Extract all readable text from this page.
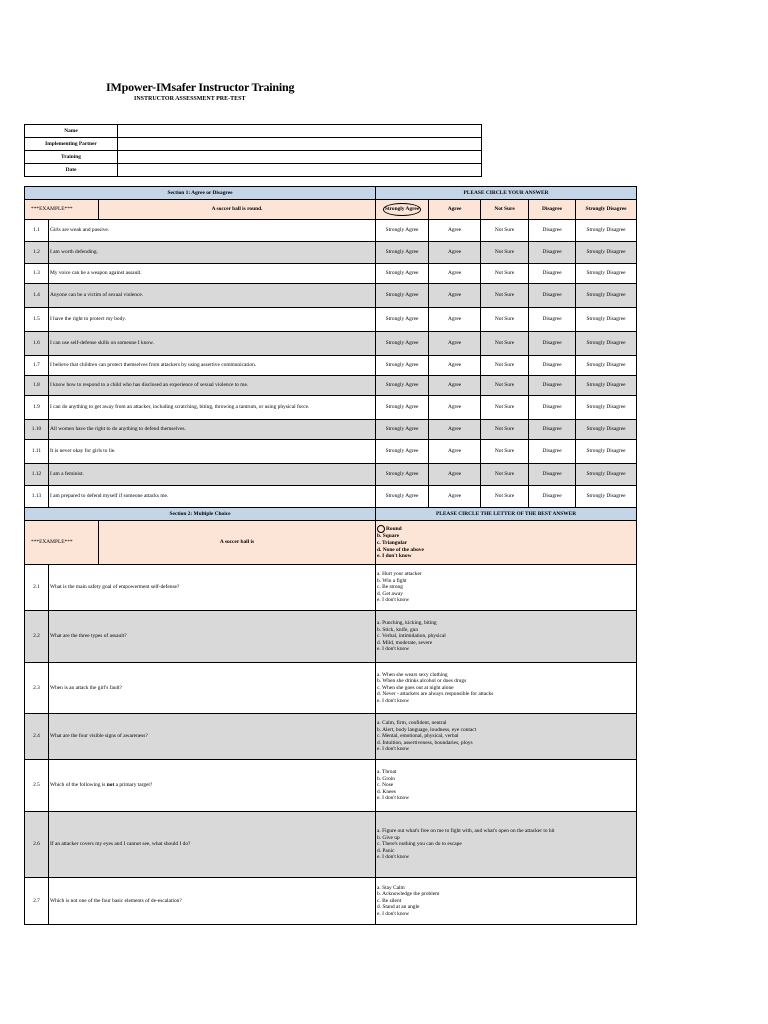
IMpower-IMsafer Instructor Training
INSTRUCTOR ASSESSMENT PRE-TEST
Name	
Implementing Partner	
Training	
Date	
Section 1: Agree or Disagree			PLEASE CIRCLE YOUR ANSWER				
***EXAMPLE***		A soccer ball is round.	Strongly Agree	Agree	Not Sure	Disagree	Strongly Disagree
1.1	Girls are weak and passive.		Strongly Agree	Agree	Not Sure	Disagree	Strongly Disagree
1.2	I am worth defending.		Strongly Agree	Agree	Not Sure	Disagree	Strongly Disagree
1.3	My voice can be a weapon against assault.		Strongly Agree	Agree	Not Sure	Disagree	Strongly Disagree
1.4	Anyone can be a victim of sexual violence.		Strongly Agree	Agree	Not Sure	Disagree	Strongly Disagree
1.5	I have the right to protect my body.		Strongly Agree	Agree	Not Sure	Disagree	Strongly Disagree
1.6	I can use self-defense skills on someone I know.		Strongly Agree	Agree	Not Sure	Disagree	Strongly Disagree
1.7	I believe that children can protect themselves from attackers by using assertive communication.		Strongly Agree	Agree	Not Sure	Disagree	Strongly Disagree
1.8	I know how to respond to a child who has disclosed an experience of sexual violence to me.		Strongly Agree	Agree	Not Sure	Disagree	Strongly Disagree
1.9	I can do anything to get away from an attacker, including scratching, biting, throwing a tantrum, or using physical force.		Strongly Agree	Agree	Not Sure	Disagree	Strongly Disagree
1.10	All women have the right to do anything to defend themselves.		Strongly Agree	Agree	Not Sure	Disagree	Strongly Disagree
1.11	It is never okay for girls to lie.		Strongly Agree	Agree	Not Sure	Disagree	Strongly Disagree
1.12	I am a feminist.		Strongly Agree	Agree	Not Sure	Disagree	Strongly Disagree
1.13	I am prepared to defend myself if someone attacks me.		Strongly Agree	Agree	Not Sure	Disagree	Strongly Disagree
Section 2: Multiple Choice			PLEASE CIRCLE THE LETTER OF THE BEST ANSWER				
***EXAMPLE***		A soccer ball is	Round
b. Square
c. Triangular
d. None of the above
e. I don't know				

2.1	What is the main safety goal of empowerment self-defense?		a. Hurt your attacker
b. Win a fight
c. Be strong
d. Get away
e. I don't know				

2.2	What are the three types of assault?		a. Punching, kicking, biting
b. Stick, knife, gun
c. Verbal, intimidation, physical
d. Mild, moderate, severe
e. I don't know				

2.3	When is an attack the girl's fault?		a. When she wears sexy clothing
b. When she drinks alcohol or does drugs
c. When she goes out at night alone
d. Never - attackers are always responsible for attacks
e. I don't know				

2.4	What are the four visible signs of awareness?		a. Calm, firm, confident, neutral
b. Alert, body language, loudness, eye contact
c. Mental, emotional, physical, verbal
d. Intuition, assertiveness, boundaries, ploys
e. I don't know				

2.5	Which of the following is not a primary target?		a. Throat
b. Groin
c. Nose
d. Knees
e. I don't know				

2.6	If an attacker covers my eyes and I cannot see, what should I do?		a. Figure out what's free on me to fight with, and what's open on the attacker to hit
b. Give up
c. There's nothing you can do to escape
d. Panic
e. I don't know				

2.7	Which is not one of the four basic elements of de-escalation?		a. Stay Calm
b. Acknowledge the problem
c. Be silent
d. Stand at an angle
e. I don't know				
